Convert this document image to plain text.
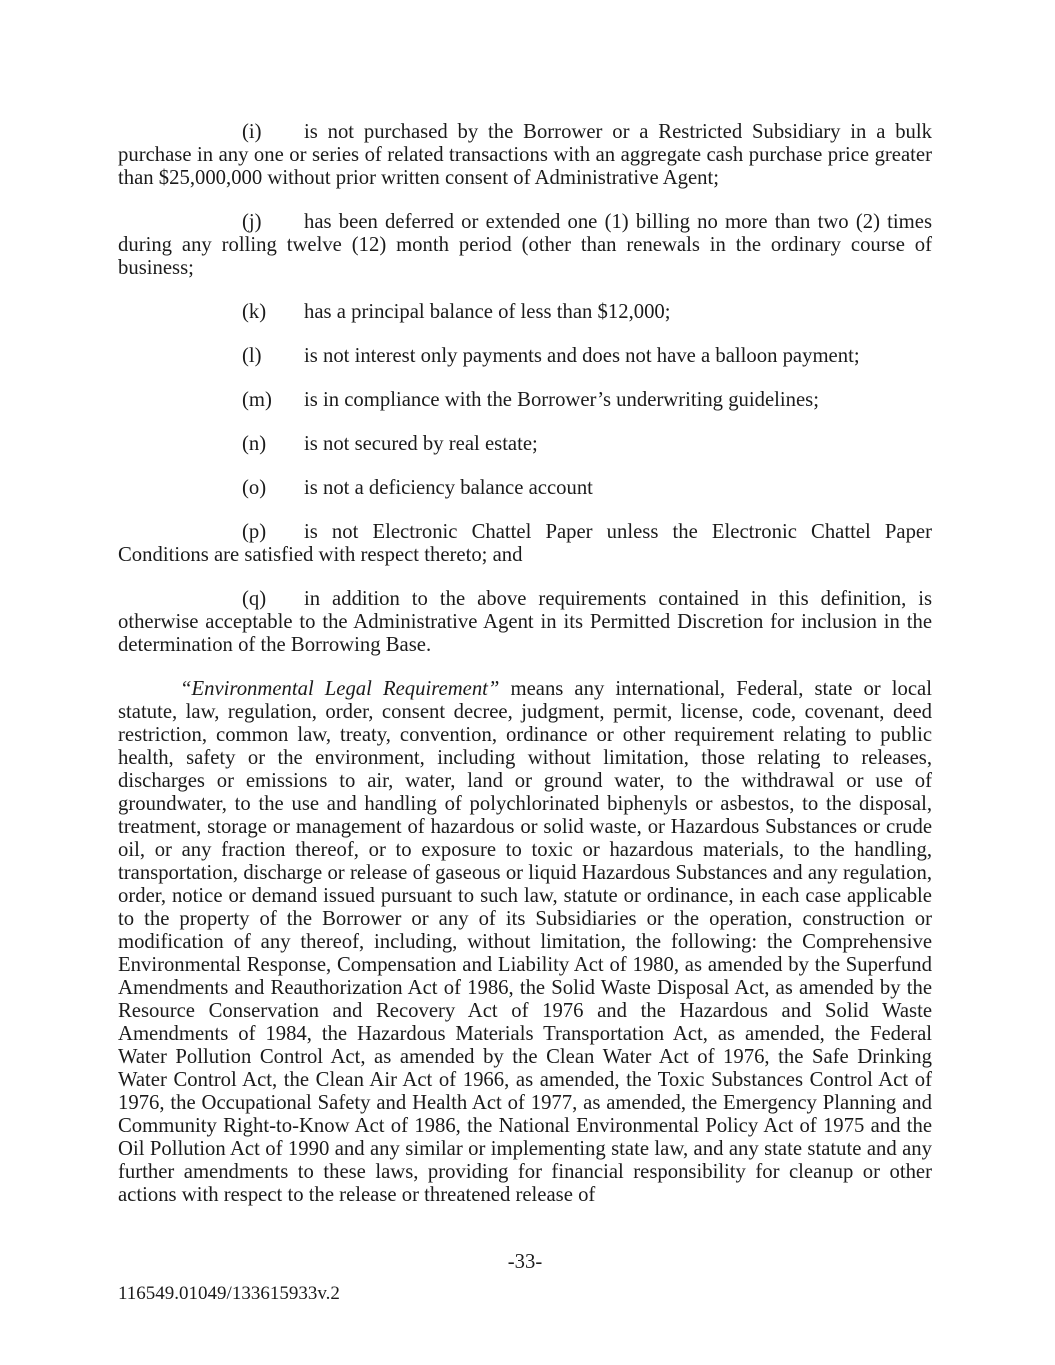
(i) is not purchased by the Borrower or a Restricted Subsidiary in a bulk purchase in any one or series of related transactions with an aggregate cash purchase price greater than $25,000,000 without prior written consent of Administrative Agent;

(j) has been deferred or extended one (1) billing no more than two (2) times during any rolling twelve (12) month period (other than renewals in the ordinary course of business;

(k) has a principal balance of less than $12,000;

(l) is not interest only payments and does not have a balloon payment;

(m) is in compliance with the Borrower’s underwriting guidelines;

(n) is not secured by real estate;

(o) is not a deficiency balance account

(p) is not Electronic Chattel Paper unless the Electronic Chattel Paper Conditions are satisfied with respect thereto; and

(q) in addition to the above requirements contained in this definition, is otherwise acceptable to the Administrative Agent in its Permitted Discretion for inclusion in the determination of the Borrowing Base.

“Environmental Legal Requirement” means any international, Federal, state or local statute, law, regulation, order, consent decree, judgment, permit, license, code, covenant, deed restriction, common law, treaty, convention, ordinance or other requirement relating to public health, safety or the environment, including without limitation, those relating to releases, discharges or emissions to air, water, land or ground water, to the withdrawal or use of groundwater, to the use and handling of polychlorinated biphenyls or asbestos, to the disposal, treatment, storage or management of hazardous or solid waste, or Hazardous Substances or crude oil, or any fraction thereof, or to exposure to toxic or hazardous materials, to the handling, transportation, discharge or release of gaseous or liquid Hazardous Substances and any regulation, order, notice or demand issued pursuant to such law, statute or ordinance, in each case applicable to the property of the Borrower or any of its Subsidiaries or the operation, construction or modification of any thereof, including, without limitation, the following: the Comprehensive Environmental Response, Compensation and Liability Act of 1980, as amended by the Superfund Amendments and Reauthorization Act of 1986, the Solid Waste Disposal Act, as amended by the Resource Conservation and Recovery Act of 1976 and the Hazardous and Solid Waste Amendments of 1984, the Hazardous Materials Transportation Act, as amended, the Federal Water Pollution Control Act, as amended by the Clean Water Act of 1976, the Safe Drinking Water Control Act, the Clean Air Act of 1966, as amended, the Toxic Substances Control Act of 1976, the Occupational Safety and Health Act of 1977, as amended, the Emergency Planning and Community Right-to-Know Act of 1986, the National Environmental Policy Act of 1975 and the Oil Pollution Act of 1990 and any similar or implementing state law, and any state statute and any further amendments to these laws, providing for financial responsibility for cleanup or other actions with respect to the release or threatened release of

-33-
116549.01049/133615933v.2
